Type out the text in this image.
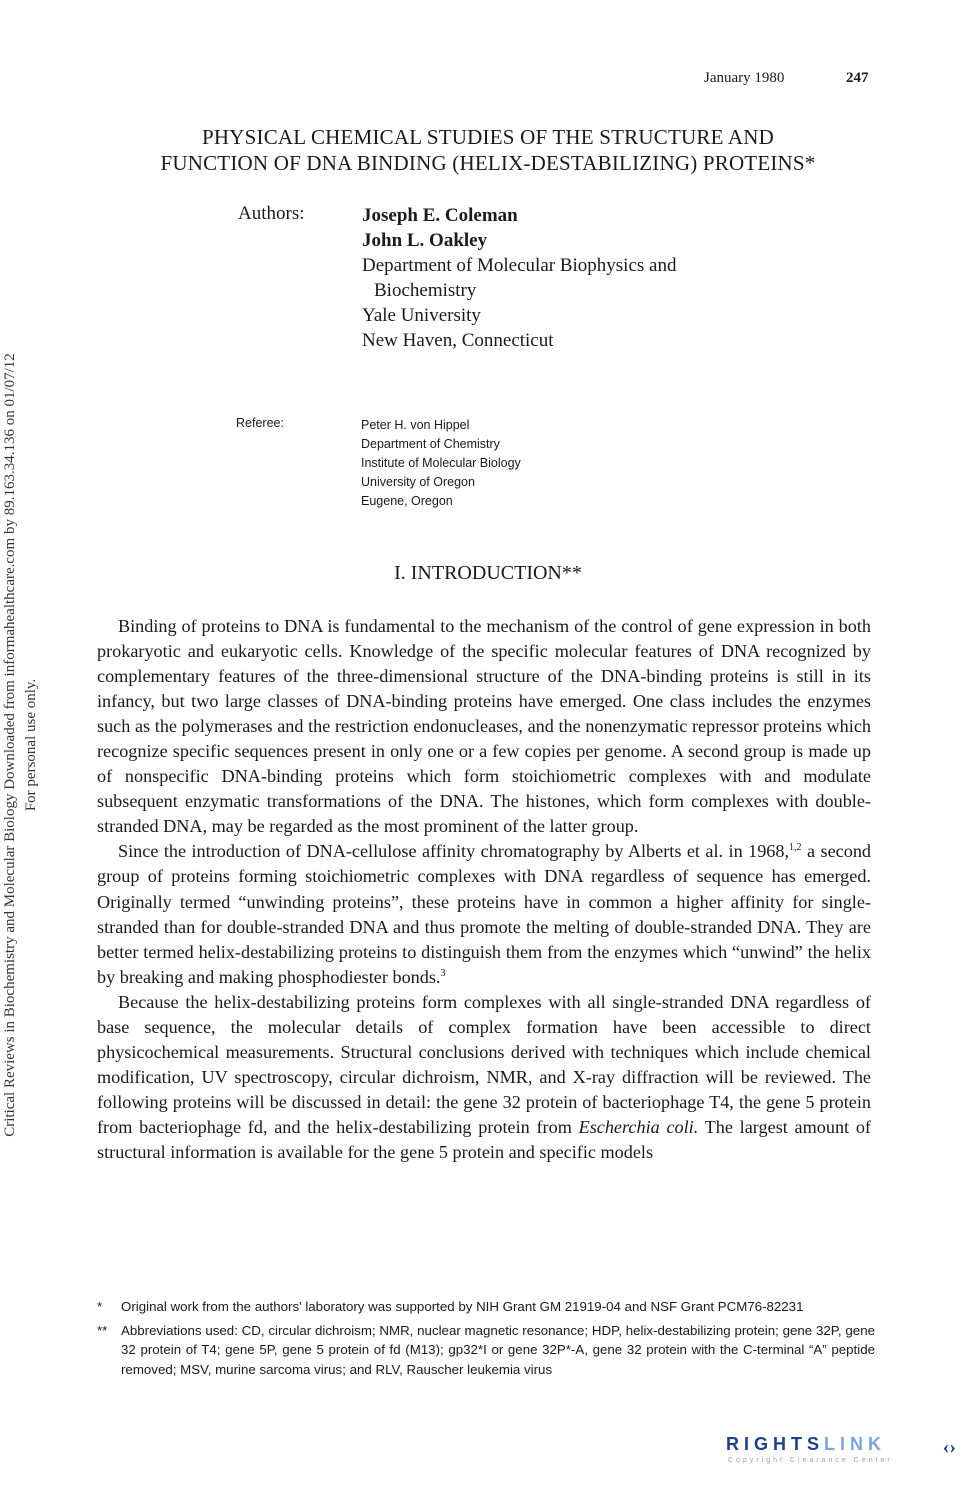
January 1980	247
PHYSICAL CHEMICAL STUDIES OF THE STRUCTURE AND
FUNCTION OF DNA BINDING (HELIX-DESTABILIZING) PROTEINS*
Authors:	Joseph E. Coleman
John L. Oakley
Department of Molecular Biophysics and
Biochemistry
Yale University
New Haven, Connecticut
Referee:	Peter H. von Hippel
Department of Chemistry
Institute of Molecular Biology
University of Oregon
Eugene, Oregon
I. INTRODUCTION**

Binding of proteins to DNA is fundamental to the mechanism of the control of gene expression in both prokaryotic and eukaryotic cells. Knowledge of the specific molecular features of DNA recognized by complementary features of the three-dimensional structure of the DNA-binding proteins is still in its infancy, but two large classes of DNA-binding proteins have emerged. One class includes the enzymes such as the polymerases and the restriction endonucleases, and the nonenzymatic repressor proteins which recognize specific sequences present in only one or a few copies per genome. A second group is made up of nonspecific DNA-binding proteins which form stoichiometric complexes with and modulate subsequent enzymatic transformations of the DNA. The histones, which form complexes with double-stranded DNA, may be regarded as the most prominent of the latter group.

Since the introduction of DNA-cellulose affinity chromatography by Alberts et al. in 1968,$^{1,2}$ a second group of proteins forming stoichiometric complexes with DNA regardless of sequence has emerged. Originally termed “unwinding proteins”, these proteins have in common a higher affinity for single-stranded than for double-stranded DNA and thus promote the melting of double-stranded DNA. They are better termed helix-destabilizing proteins to distinguish them from the enzymes which “unwind” the helix by breaking and making phosphodiester bonds.$^3$

Because the helix-destabilizing proteins form complexes with all single-stranded DNA regardless of base sequence, the molecular details of complex formation have been accessible to direct physicochemical measurements. Structural conclusions derived with techniques which include chemical modification, UV spectroscopy, circular dichroism, NMR, and X-ray diffraction will be reviewed. The following proteins will be discussed in detail: the gene 32 protein of bacteriophage T4, the gene 5 protein from bacteriophage fd, and the helix-destabilizing protein from Escherchia coli. The largest amount of structural information is available for the gene 5 protein and specific models

* Original work from the authors' laboratory was supported by NIH Grant GM 21919-04 and NSF Grant PCM76-82231
** Abbreviations used: CD, circular dichroism; NMR, nuclear magnetic resonance; HDP, helix-destabilizing protein; gene 32P, gene 32 protein of T4; gene 5P, gene 5 protein of fd (M13); gp32*I or gene 32P*-A, gene 32 protein with the C-terminal “A” peptide removed; MSV, murine sarcoma virus; and RLV, Rauscher leukemia virus
Critical Reviews in Biochemistry and Molecular Biology Downloaded from informahealthcare.com by 89.163.34.136 on 01/07/12 For personal use only.
RIGHTSLINK
Copyright Clearance Center
‹›
